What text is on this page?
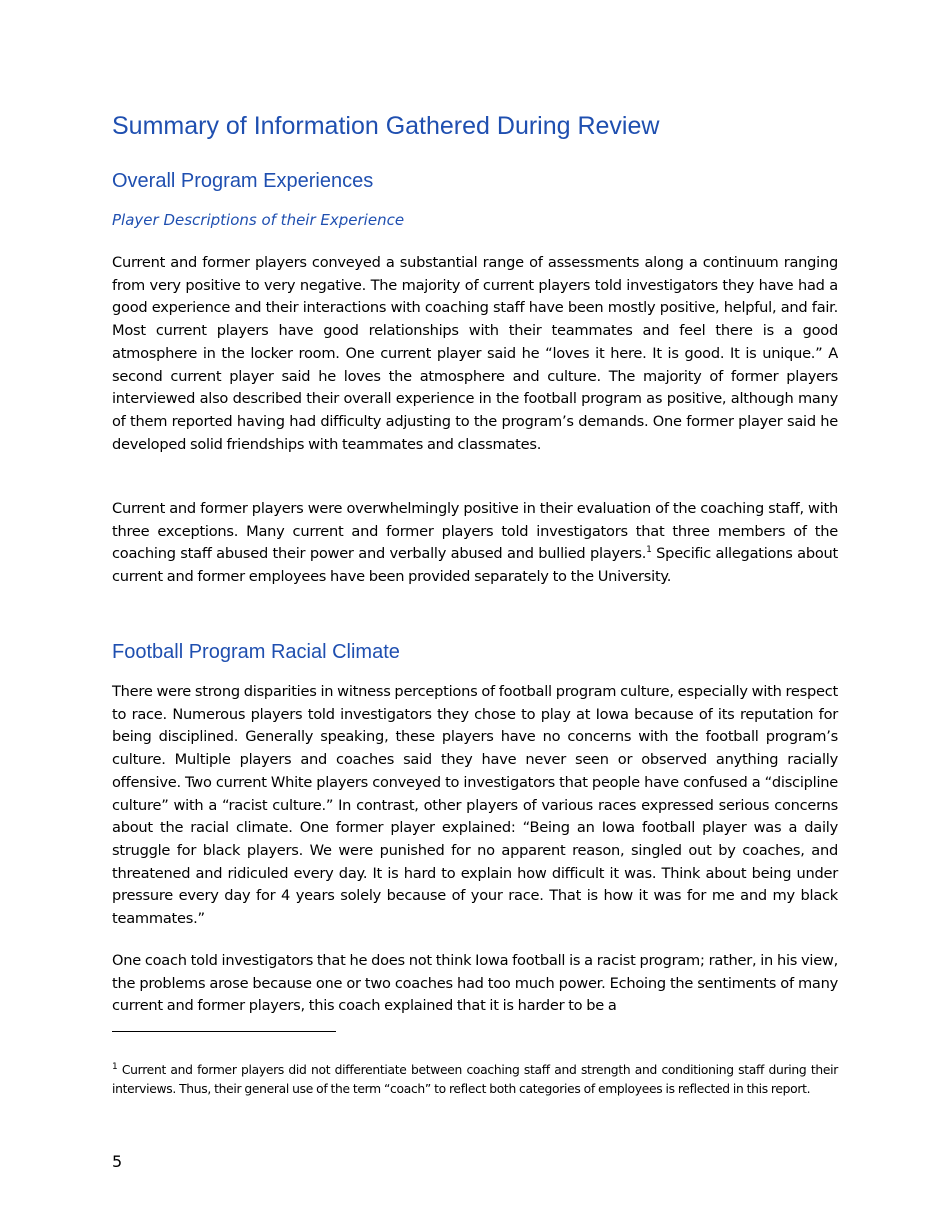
Summary of Information Gathered During Review
Overall Program Experiences
Player Descriptions of their Experience

Current and former players conveyed a substantial range of assessments along a continuum ranging from very positive to very negative. The majority of current players told investigators they have had a good experience and their interactions with coaching staff have been mostly positive, helpful, and fair. Most current players have good relationships with their teammates and feel there is a good atmosphere in the locker room. One current player said he “loves it here. It is good. It is unique.” A second current player said he loves the atmosphere and culture. The majority of former players interviewed also described their overall experience in the football program as positive, although many of them reported having had difficulty adjusting to the program’s demands. One former player said he developed solid friendships with teammates and classmates.

Current and former players were overwhelmingly positive in their evaluation of the coaching staff, with three exceptions. Many current and former players told investigators that three members of the coaching staff abused their power and verbally abused and bullied players.$^1$ Specific allegations about current and former employees have been provided separately to the University.

Football Program Racial Climate

There were strong disparities in witness perceptions of football program culture, especially with respect to race. Numerous players told investigators they chose to play at Iowa because of its reputation for being disciplined. Generally speaking, these players have no concerns with the football program’s culture. Multiple players and coaches said they have never seen or observed anything racially offensive. Two current White players conveyed to investigators that people have confused a “discipline culture” with a “racist culture.” In contrast, other players of various races expressed serious concerns about the racial climate. One former player explained: “Being an Iowa football player was a daily struggle for black players. We were punished for no apparent reason, singled out by coaches, and threatened and ridiculed every day. It is hard to explain how difficult it was. Think about being under pressure every day for 4 years solely because of your race. That is how it was for me and my black teammates.”

One coach told investigators that he does not think Iowa football is a racist program; rather, in his view, the problems arose because one or two coaches had too much power. Echoing the sentiments of many current and former players, this coach explained that it is harder to be a

$^1$ Current and former players did not differentiate between coaching staff and strength and conditioning staff during their interviews. Thus, their general use of the term “coach” to reflect both categories of employees is reflected in this report.

5
